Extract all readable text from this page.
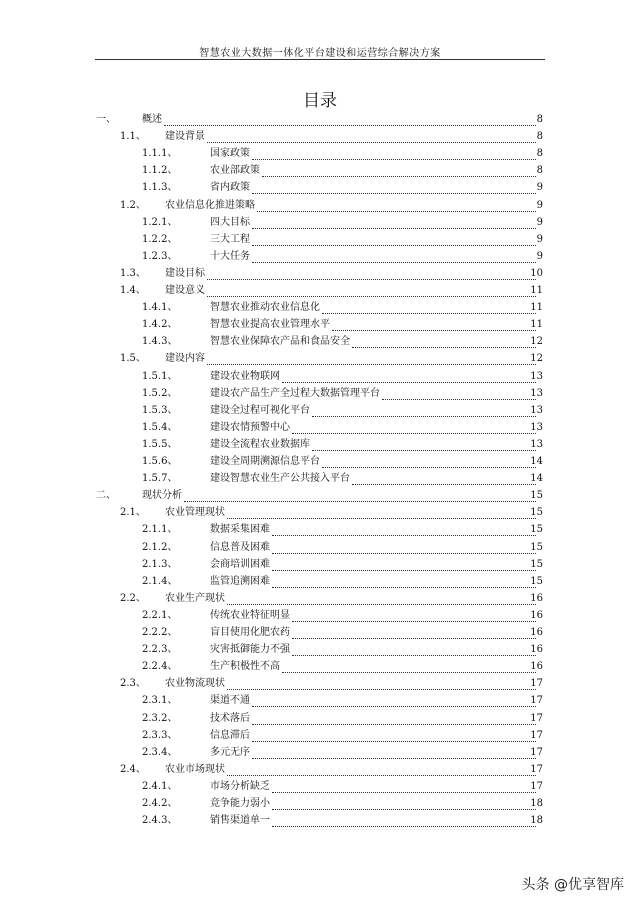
智慧农业大数据一体化平台建设和运营综合解决方案
目录
一、	概述	8
1.1、 建设背景	8
1.1.1、	国家政策	8
1.1.2、	农业部政策	8
1.1.3、	省内政策	9
1.2、 农业信息化推进策略	9
1.2.1、	四大目标	9
1.2.2、	三大工程	9
1.2.3、	十大任务	9
1.3、 建设目标	10
1.4、 建设意义	11
1.4.1、	智慧农业推动农业信息化	11
1.4.2、	智慧农业提高农业管理水平	11
1.4.3、	智慧农业保障农产品和食品安全	12
1.5、 建设内容	12
1.5.1、	建设农业物联网	13
1.5.2、	建设农产品生产全过程大数据管理平台	13
1.5.3、	建设全过程可视化平台	13
1.5.4、	建设农情预警中心	13
1.5.5、	建设全流程农业数据库	13
1.5.6、	建设全周期溯源信息平台	14
1.5.7、	建设智慧农业生产公共接入平台	14
二、	现状分析	15
2.1、 农业管理现状	15
2.1.1、	数据采集困难	15
2.1.2、	信息普及困难	15
2.1.3、	会商培训困难	15
2.1.4、	监管追溯困难	15
2.2、 农业生产现状	16
2.2.1、	传统农业特征明显	16
2.2.2、	盲目使用化肥农药	16
2.2.3、	灾害抵御能力不强	16
2.2.4、	生产积极性不高	16
2.3、 农业物流现状	17
2.3.1、	渠道不通	17
2.3.2、	技术落后	17
2.3.3、	信息滞后	17
2.3.4、	多元无序	17
2.4、 农业市场现状	17
2.4.1、	市场分析缺乏	17
2.4.2、	竞争能力弱小	18
2.4.3、	销售渠道单一	18
头条 @优享智库
